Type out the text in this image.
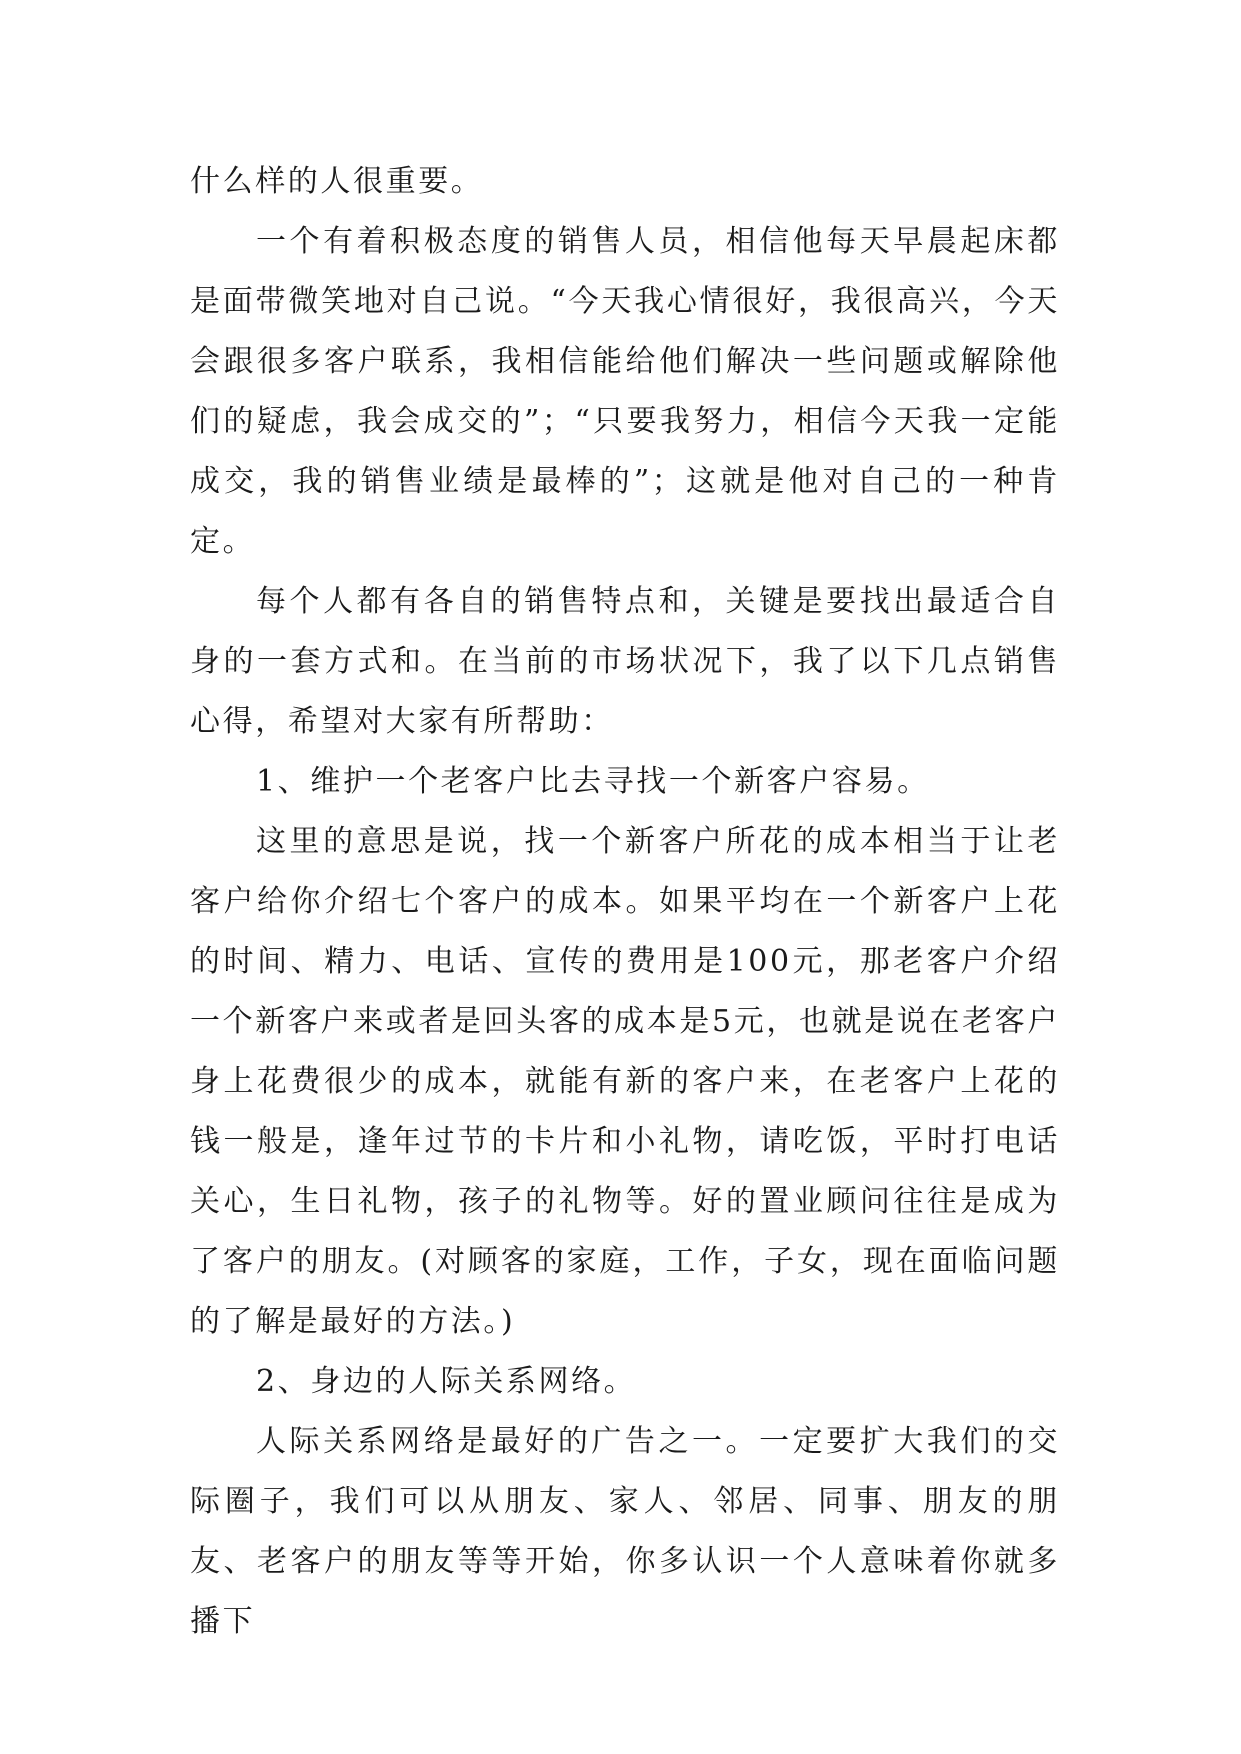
什么样的人很重要。

一个有着积极态度的销售人员，相信他每天早晨起床都是面带微笑地对自己说。“今天我心情很好，我很高兴，今天会跟很多客户联系，我相信能给他们解决一些问题或解除他们的疑虑，我会成交的”；“只要我努力，相信今天我一定能成交，我的销售业绩是最棒的”；这就是他对自己的一种肯定。

每个人都有各自的销售特点和，关键是要找出最适合自身的一套方式和。在当前的市场状况下，我了以下几点销售心得，希望对大家有所帮助：

1、维护一个老客户比去寻找一个新客户容易。

这里的意思是说，找一个新客户所花的成本相当于让老客户给你介绍七个客户的成本。如果平均在一个新客户上花的时间、精力、电话、宣传的费用是100元，那老客户介绍一个新客户来或者是回头客的成本是5元，也就是说在老客户身上花费很少的成本，就能有新的客户来，在老客户上花的钱一般是，逢年过节的卡片和小礼物，请吃饭，平时打电话关心，生日礼物，孩子的礼物等。好的置业顾问往往是成为了客户的朋友。(对顾客的家庭，工作，子女，现在面临问题的了解是最好的方法。)

2、身边的人际关系网络。

人际关系网络是最好的广告之一。一定要扩大我们的交际圈子，我们可以从朋友、家人、邻居、同事、朋友的朋友、老客户的朋友等等开始，你多认识一个人意味着你就多播下
